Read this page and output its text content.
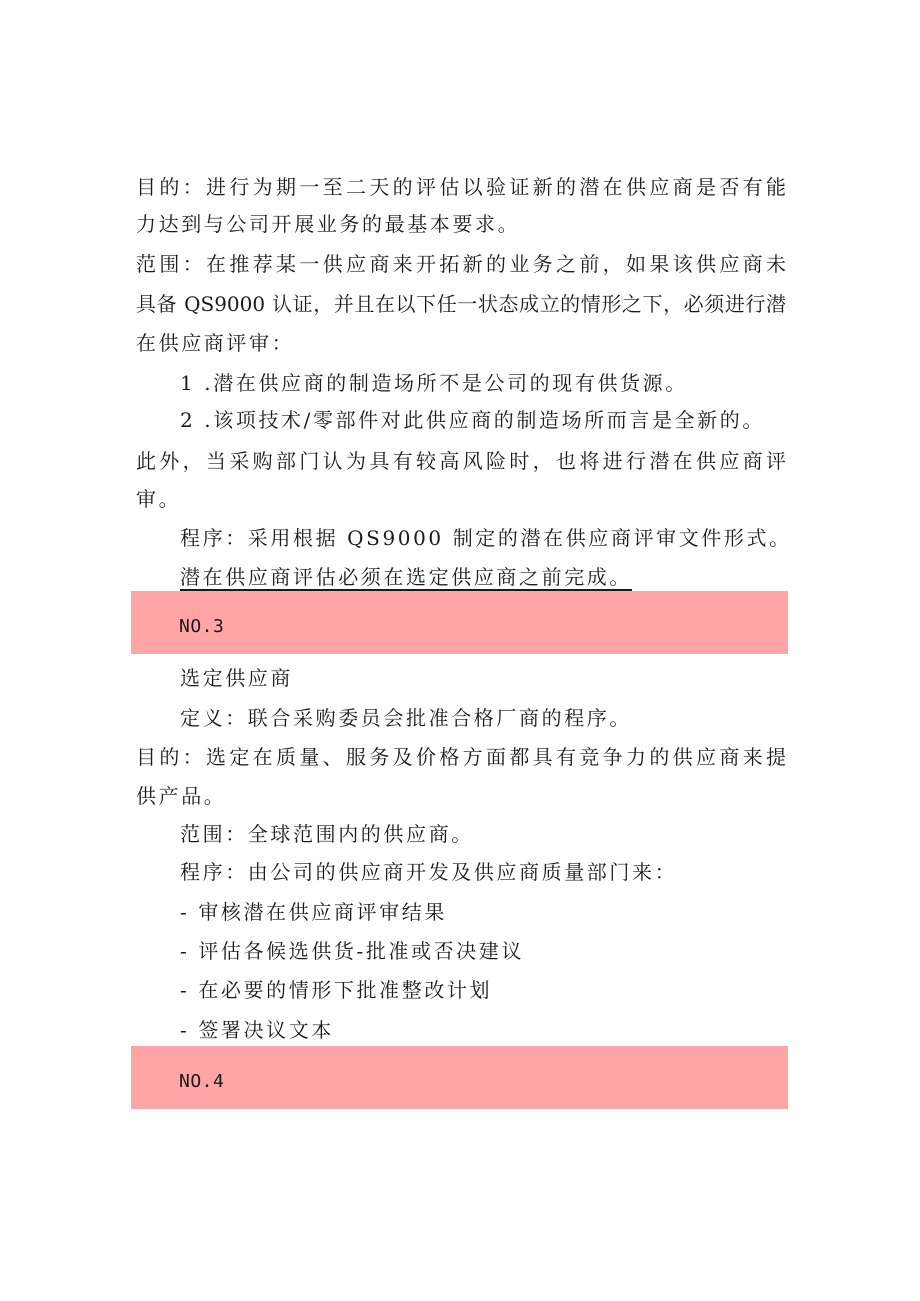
目的：进行为期一至二天的评估以验证新的潜在供应商是否有能
力达到与公司开展业务的最基本要求。
范围：在推荐某一供应商来开拓新的业务之前，如果该供应商未
具备 QS9000 认证，并且在以下任一状态成立的情形之下，必须进行潜
在供应商评审：
1 .潜在供应商的制造场所不是公司的现有供货源。
2 .该项技术/零部件对此供应商的制造场所而言是全新的。
此外，当采购部门认为具有较高风险时，也将进行潜在供应商评
审。
程序：采用根据 QS9000 制定的潜在供应商评审文件形式。
潜在供应商评估必须在选定供应商之前完成。
NO.3
选定供应商
定义：联合采购委员会批准合格厂商的程序。
目的：选定在质量、服务及价格方面都具有竞争力的供应商来提
供产品。
范围：全球范围内的供应商。
程序：由公司的供应商开发及供应商质量部门来：
- 审核潜在供应商评审结果
- 评估各候选供货-批准或否决建议
- 在必要的情形下批准整改计划
- 签署决议文本
NO.4
